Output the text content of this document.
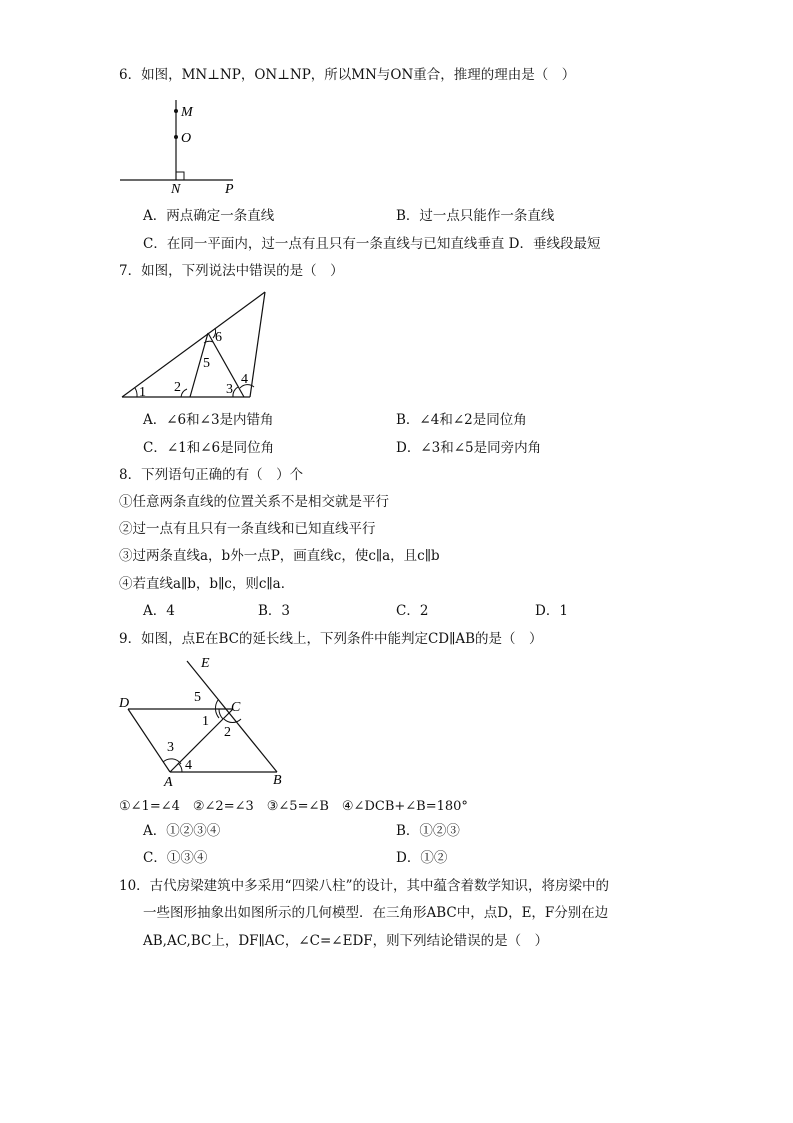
6．如图，MN⊥NP，ON⊥NP，所以MN与ON重合，推理的理由是（　）
M
O
N	P
A．两点确定一条直线	B．过一点只能作一条直线
C．在同一平面内，过一点有且只有一条直线与已知直线垂直 D．垂线段最短
7．如图，下列说法中错误的是（　）
1 2	3
4
5
6
A．∠6和∠3是内错角	B．∠4和∠2是同位角
C．∠1和∠6是同位角	D．∠3和∠5是同旁内角
8．下列语句正确的有（　）个
①任意两条直线的位置关系不是相交就是平行
②过一点有且只有一条直线和已知直线平行
③过两条直线a，b外一点P，画直线c，使c∥a，且c∥b
④若直线a∥b，b∥c，则c∥a．
A．4	B．3	C．2	D．1
9．如图，点E在BC的延长线上，下列条件中能判定CD∥AB的是（　）
E
D	C
A	B
1
2
3
4
5
①∠1=∠4　②∠2=∠3　③∠5=∠B　④∠DCB+∠B=180°
A．①②③④	B．①②③
C．①③④	D．①②
10．古代房梁建筑中多采用“四梁八柱”的设计，其中蕴含着数学知识，将房梁中的
一些图形抽象出如图所示的几何模型．在三角形ABC中，点D，E，F分别在边
AB,AC,BC上，DF∥AC，∠C=∠EDF，则下列结论错误的是（　）
